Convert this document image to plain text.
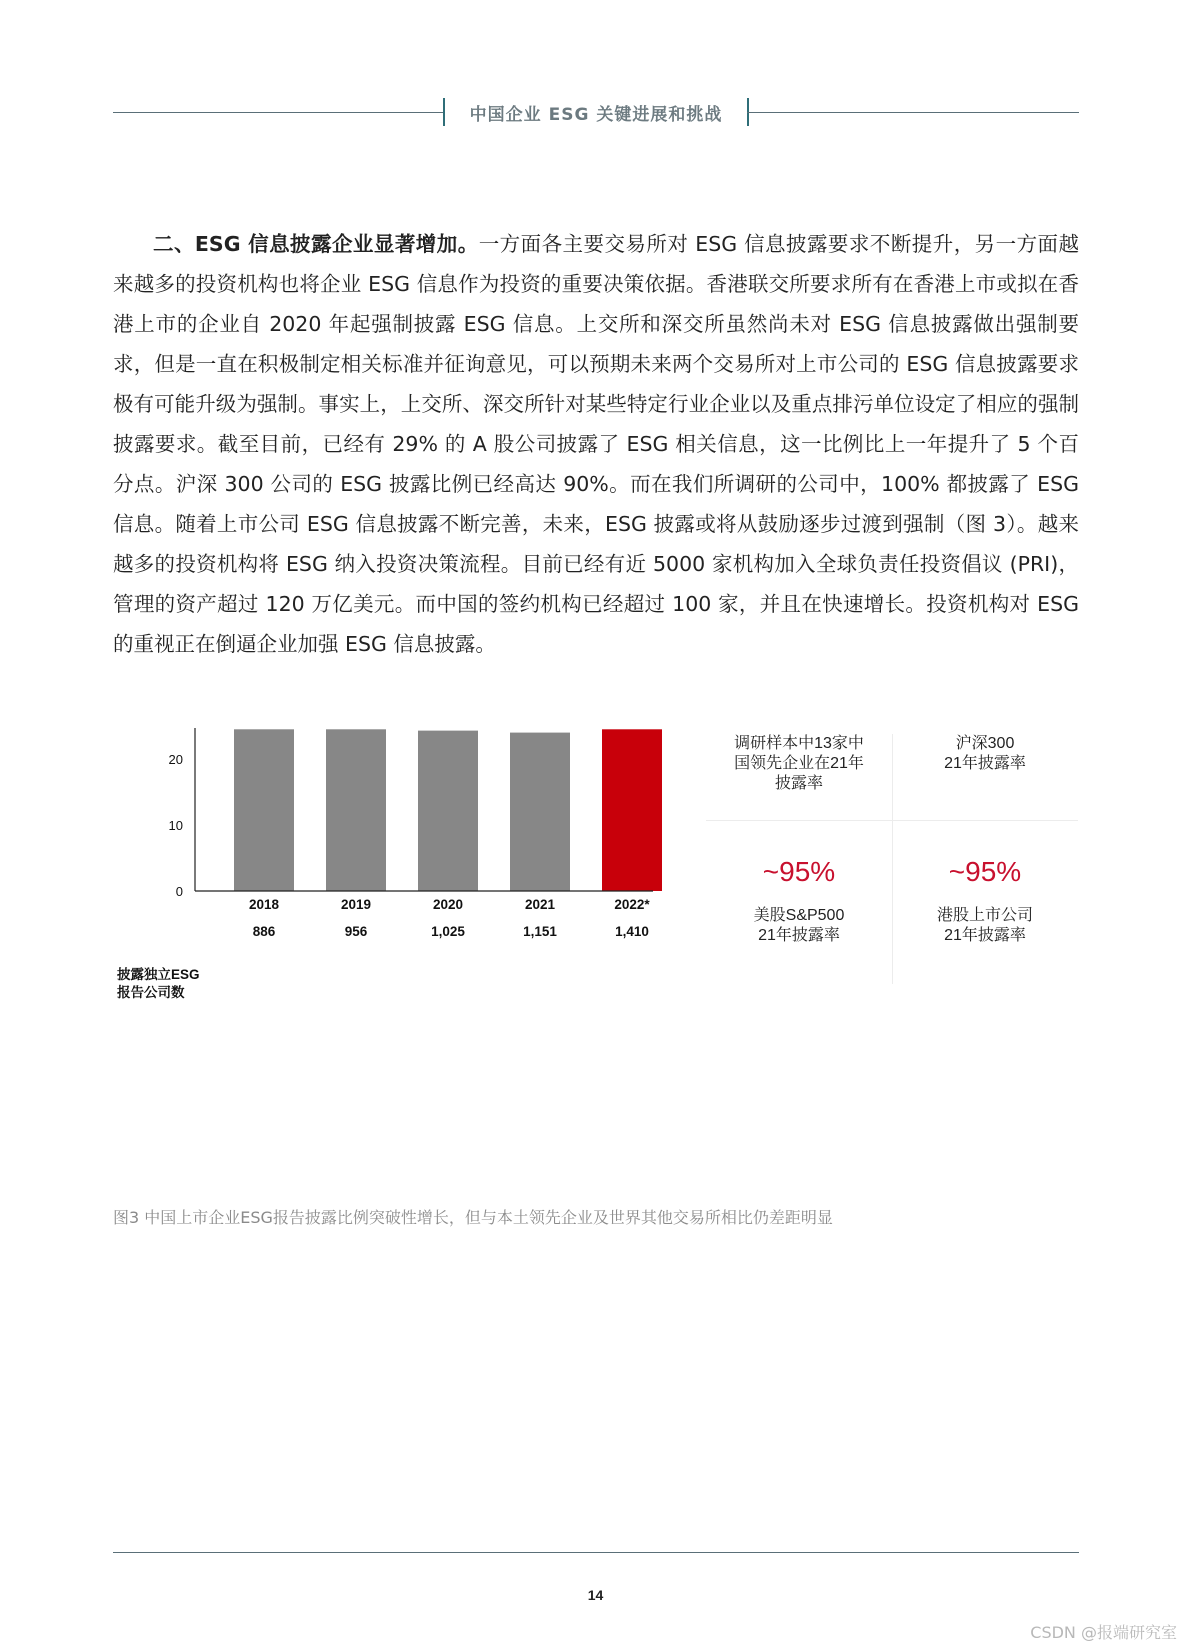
中国企业 ESG 关键进展和挑战
二、ESG 信息披露企业显著增加。一方面各主要交易所对 ESG 信息披露要求不断提升，另一方面越来越多的投资机构也将企业 ESG 信息作为投资的重要决策依据。香港联交所要求所有在香港上市或拟在香港上市的企业自 2020 年起强制披露 ESG 信息。上交所和深交所虽然尚未对 ESG 信息披露做出强制要求，但是一直在积极制定相关标准并征询意见，可以预期未来两个交易所对上市公司的 ESG 信息披露要求极有可能升级为强制。事实上，上交所、深交所针对某些特定行业企业以及重点排污单位设定了相应的强制披露要求。截至目前，已经有 29% 的 A 股公司披露了 ESG 相关信息，这一比例比上一年提升了 5 个百分点。沪深 300 公司的 ESG 披露比例已经高达 90%。而在我们所调研的公司中，100% 都披露了 ESG 信息。随着上市公司 ESG 信息披露不断完善，未来，ESG 披露或将从鼓励逐步过渡到强制（图 3）。越来越多的投资机构将 ESG 纳入投资决策流程。目前已经有近 5000 家机构加入全球负责任投资倡议 (PRI)，管理的资产超过 120 万亿美元。而中国的签约机构已经超过 100 家，并且在快速增长。投资机构对 ESG 的重视正在倒逼企业加强 ESG 信息披露。
0
10
20
2018
886
2019
956
2020
1,025
2021
1,151
2022*
1,410
披露独立ESG
报告公司数
调研样本中13家中
国领先企业在21年
披露率
沪深300
21年披露率
~95%
美股S&P500
21年披露率
~95%
港股上市公司
21年披露率
图3 中国上市企业ESG报告披露比例突破性增长，但与本土领先企业及世界其他交易所相比仍差距明显
14
CSDN @报端研究室
